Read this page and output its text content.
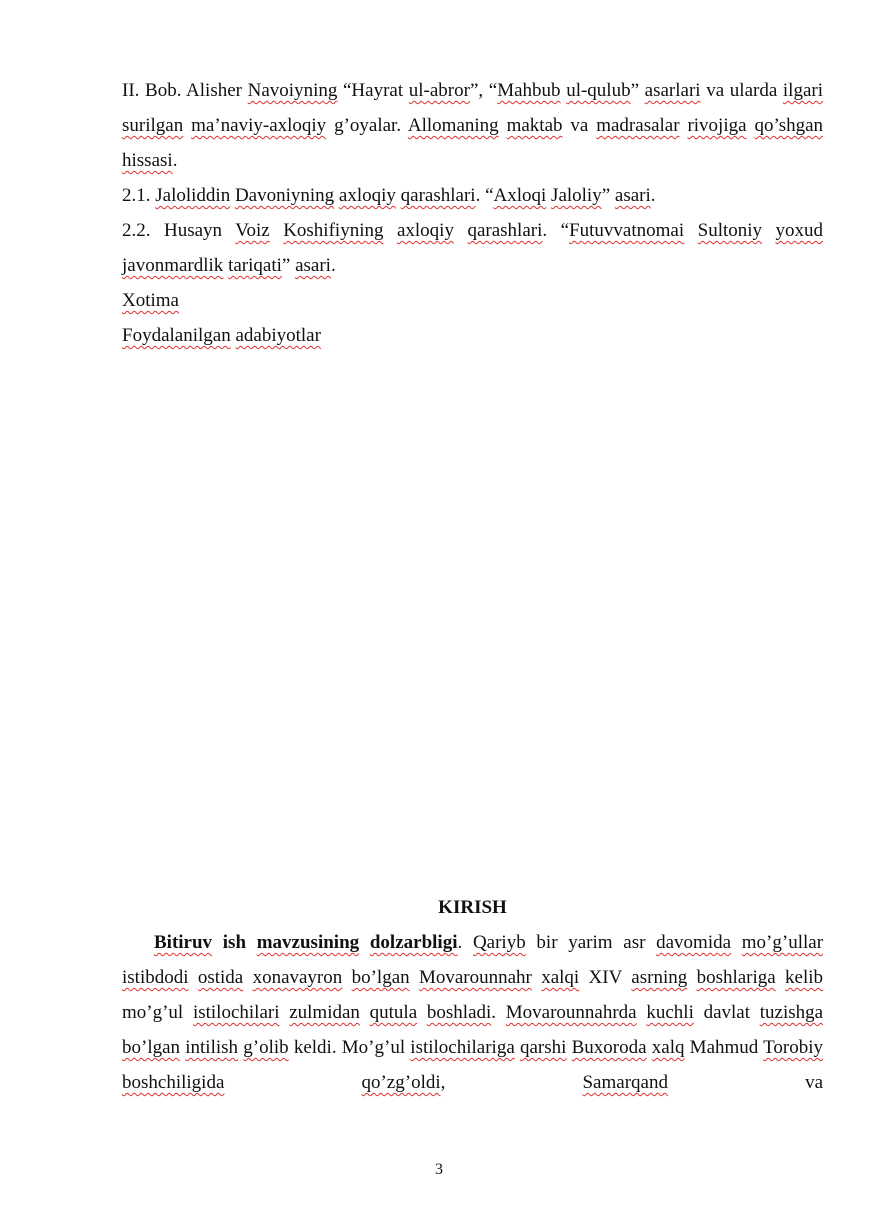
II. Bob. Alisher Navoiyning “Hayrat ul-abror”, “Mahbub ul-qulub” asarlari va ularda ilgari surilgan ma’naviy-axloqiy g’oyalar. Allomaning maktab va madrasalar rivojiga qo’shgan hissasi.

2.1. Jaloliddin Davoniyning axloqiy qarashlari. “Axloqi Jaloliy” asari.

2.2. Husayn Voiz Koshifiyning axloqiy qarashlari. “Futuvvatnomai Sultoniy yoxud javonmardlik tariqati” asari.

Xotima

Foydalanilgan adabiyotlar

KIRISH

Bitiruv ish mavzusining dolzarbligi. Qariyb bir yarim asr davomida mo’g’ullar istibdodi ostida xonavayron bo’lgan Movarounnahr xalqi XIV asrning boshlariga kelib mo’g’ul istilochilari zulmidan qutula boshladi. Movarounnahrda kuchli davlat tuzishga bo’lgan intilish g’olib keldi. Mo’g’ul istilochilariga qarshi Buxoroda xalq Mahmud Torobiy boshchiligida	qo’zg’oldi, Samarqand va

3
